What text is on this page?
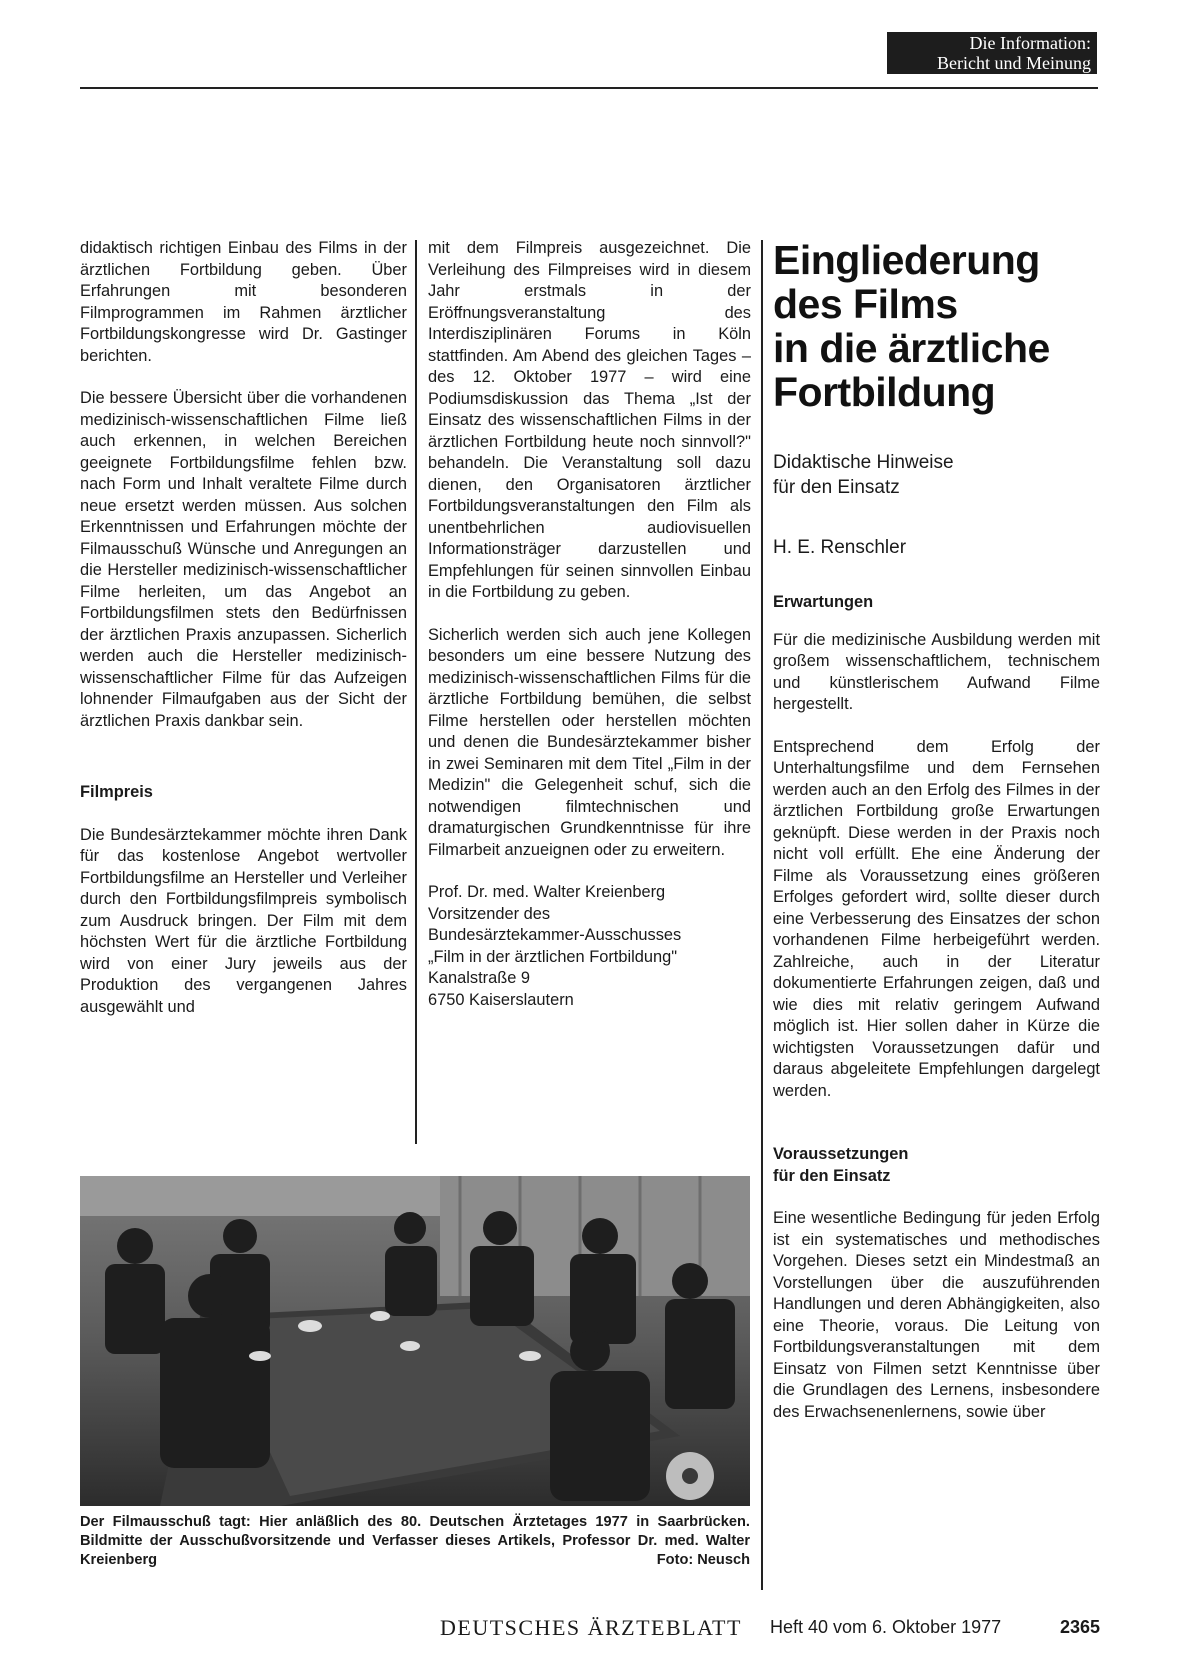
Die Information:
Bericht und Meinung

didaktisch richtigen Einbau des Films in der ärztlichen Fortbildung geben. Über Erfahrungen mit besonderen Filmprogrammen im Rahmen ärztlicher Fortbildungskongresse wird Dr. Gastinger berichten.

Die bessere Übersicht über die vorhandenen medizinisch-wissenschaftlichen Filme ließ auch erkennen, in welchen Bereichen geeignete Fortbildungsfilme fehlen bzw. nach Form und Inhalt veraltete Filme durch neue ersetzt werden müssen. Aus solchen Erkenntnissen und Erfahrungen möchte der Filmausschuß Wünsche und Anregungen an die Hersteller medizinisch-wissenschaftlicher Filme herleiten, um das Angebot an Fortbildungsfilmen stets den Bedürfnissen der ärztlichen Praxis anzupassen. Sicherlich werden auch die Hersteller medizinisch-wissenschaftlicher Filme für das Aufzeigen lohnender Filmaufgaben aus der Sicht der ärztlichen Praxis dankbar sein.

Filmpreis

Die Bundesärztekammer möchte ihren Dank für das kostenlose Angebot wertvoller Fortbildungsfilme an Hersteller und Verleiher durch den Fortbildungsfilmpreis symbolisch zum Ausdruck bringen. Der Film mit dem höchsten Wert für die ärztliche Fortbildung wird von einer Jury jeweils aus der Produktion des vergangenen Jahres ausgewählt und

mit dem Filmpreis ausgezeichnet. Die Verleihung des Filmpreises wird in diesem Jahr erstmals in der Eröffnungsveranstaltung des Interdisziplinären Forums in Köln stattfinden. Am Abend des gleichen Tages – des 12. Oktober 1977 – wird eine Podiumsdiskussion das Thema „Ist der Einsatz des wissenschaftlichen Films in der ärztlichen Fortbildung heute noch sinnvoll?" behandeln. Die Veranstaltung soll dazu dienen, den Organisatoren ärztlicher Fortbildungsveranstaltungen den Film als unentbehrlichen audiovisuellen Informationsträger darzustellen und Empfehlungen für seinen sinnvollen Einbau in die Fortbildung zu geben.

Sicherlich werden sich auch jene Kollegen besonders um eine bessere Nutzung des medizinisch-wissenschaftlichen Films für die ärztliche Fortbildung bemühen, die selbst Filme herstellen oder herstellen möchten und denen die Bundesärztekammer bisher in zwei Seminaren mit dem Titel „Film in der Medizin" die Gelegenheit schuf, sich die notwendigen filmtechnischen und dramaturgischen Grundkenntnisse für ihre Filmarbeit anzueignen oder zu erweitern.

Prof. Dr. med. Walter Kreienberg
Vorsitzender des
Bundesärztekammer-Ausschusses
„Film in der ärztlichen Fortbildung"
Kanalstraße 9
6750 Kaiserslautern

Eingliederung

des Films

in die ärztliche

Fortbildung

Didaktische Hinweise

für den Einsatz

H. E. Renschler

Erwartungen

Für die medizinische Ausbildung werden mit großem wissenschaftlichem, technischem und künstlerischem Aufwand Filme hergestellt.

Entsprechend dem Erfolg der Unterhaltungsfilme und dem Fernsehen werden auch an den Erfolg des Filmes in der ärztlichen Fortbildung große Erwartungen geknüpft. Diese werden in der Praxis noch nicht voll erfüllt. Ehe eine Änderung der Filme als Voraussetzung eines größeren Erfolges gefordert wird, sollte dieser durch eine Verbesserung des Einsatzes der schon vorhandenen Filme herbeigeführt werden. Zahlreiche, auch in der Literatur dokumentierte Erfahrungen zeigen, daß und wie dies mit relativ geringem Aufwand möglich ist. Hier sollen daher in Kürze die wichtigsten Voraussetzungen dafür und daraus abgeleitete Empfehlungen dargelegt werden.

Voraussetzungen

für den Einsatz

Eine wesentliche Bedingung für jeden Erfolg ist ein systematisches und methodisches Vorgehen. Dieses setzt ein Mindestmaß an Vorstellungen über die auszuführenden Handlungen und deren Abhängigkeiten, also eine Theorie, voraus. Die Leitung von Fortbildungsveranstaltungen mit dem Einsatz von Filmen setzt Kenntnisse über die Grundlagen des Lernens, insbesondere des Erwachsenenlernens, sowie über

Der Filmausschuß tagt: Hier anläßlich des 80. Deutschen Ärztetages 1977 in Saarbrücken. Bildmitte der Ausschußvorsitzende und Verfasser dieses Artikels, Professor Dr. med. Walter Kreienberg	Foto: Neusch
DEUTSCHES ÄRZTEBLATT Heft 40 vom 6. Oktober 1977	2365
